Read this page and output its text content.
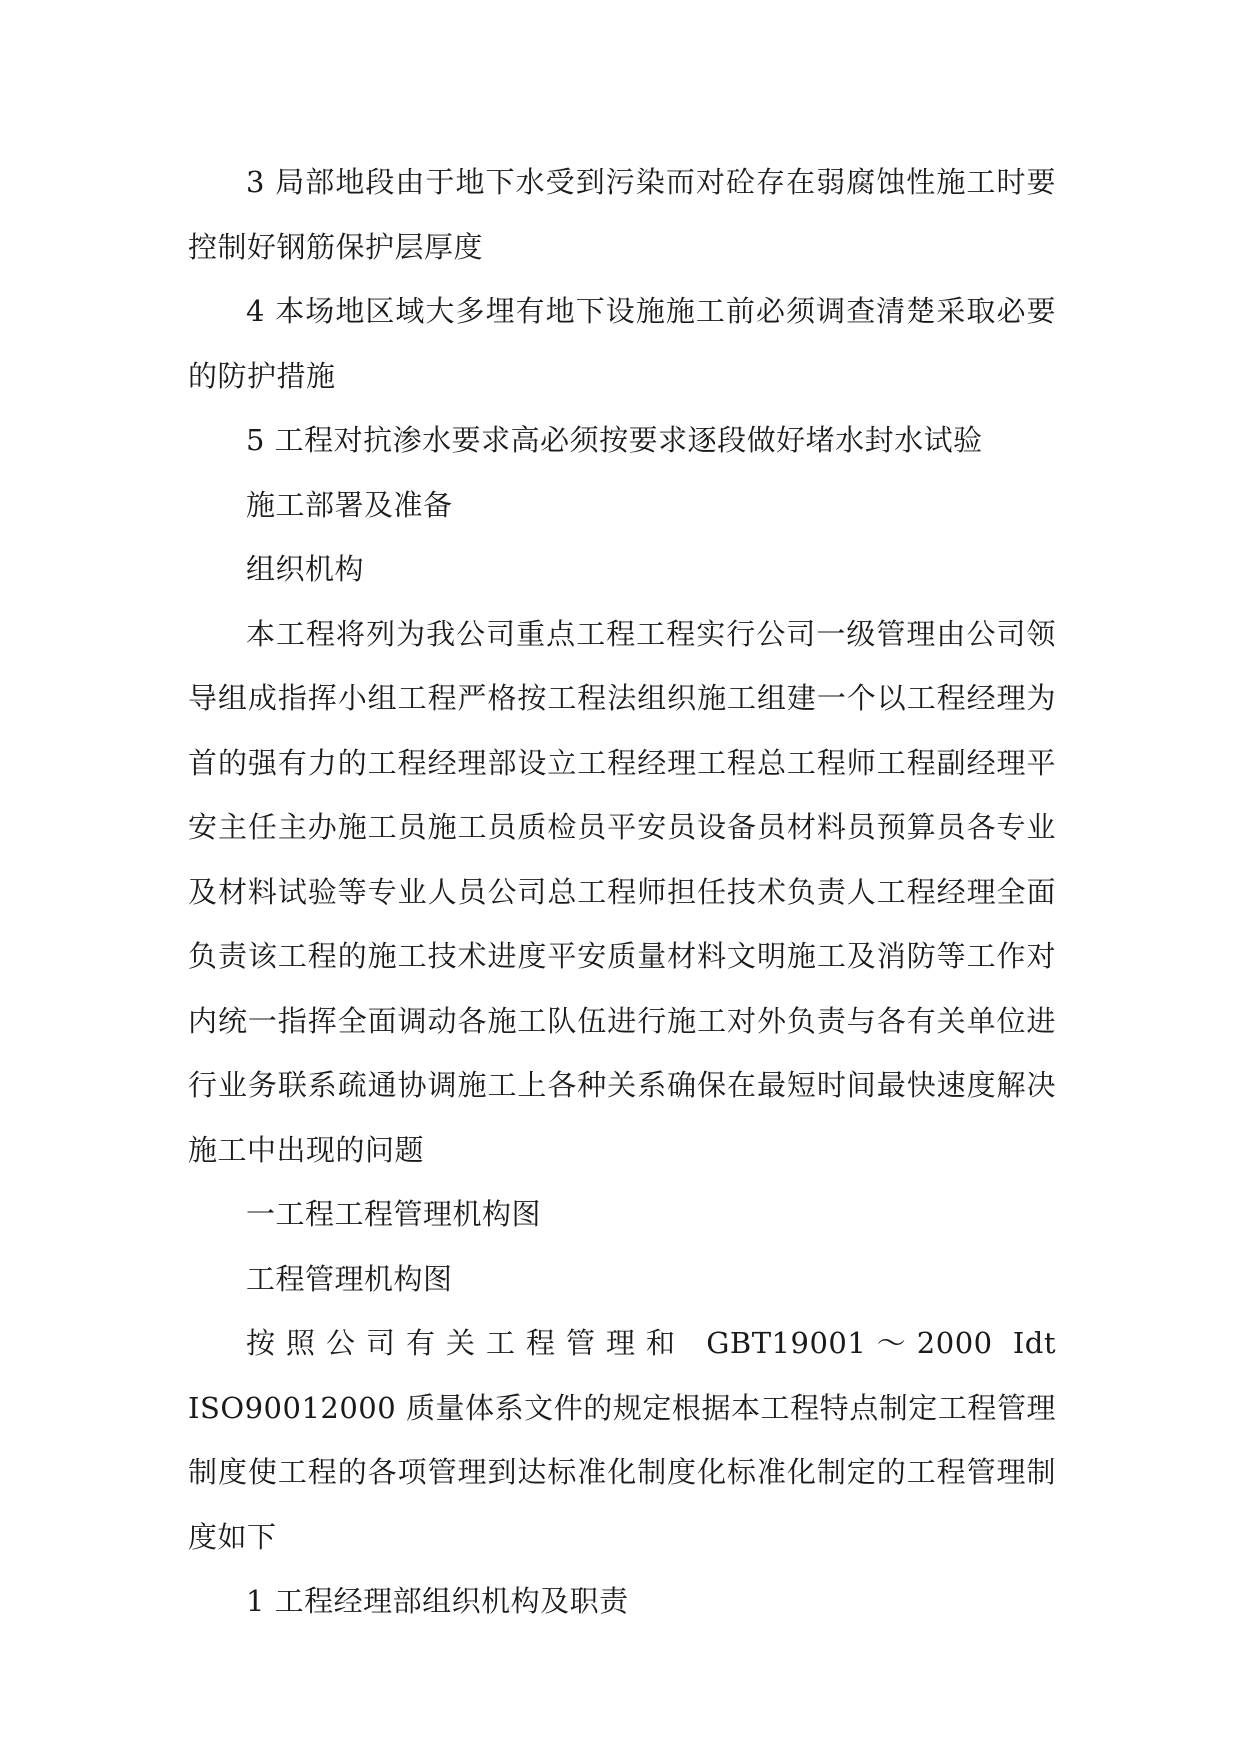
3 局部地段由于地下水受到污染而对砼存在弱腐蚀性施工时要控制好钢筋保护层厚度

4 本场地区域大多埋有地下设施施工前必须调查清楚采取必要的防护措施

5 工程对抗渗水要求高必须按要求逐段做好堵水封水试验

施工部署及准备

组织机构

本工程将列为我公司重点工程工程实行公司一级管理由公司领导组成指挥小组工程严格按工程法组织施工组建一个以工程经理为首的强有力的工程经理部设立工程经理工程总工程师工程副经理平安主任主办施工员施工员质检员平安员设备员材料员预算员各专业及材料试验等专业人员公司总工程师担任技术负责人工程经理全面负责该工程的施工技术进度平安质量材料文明施工及消防等工作对内统一指挥全面调动各施工队伍进行施工对外负责与各有关单位进行业务联系疏通协调施工上各种关系确保在最短时间最快速度解决施工中出现的问题

一工程工程管理机构图

工程管理机构图

按照公司有关工程管理和 GBT19001～2000 Idt ISO90012000 质量体系文件的规定根据本工程特点制定工程管理制度使工程的各项管理到达标准化制度化标准化制定的工程管理制度如下

1 工程经理部组织机构及职责
